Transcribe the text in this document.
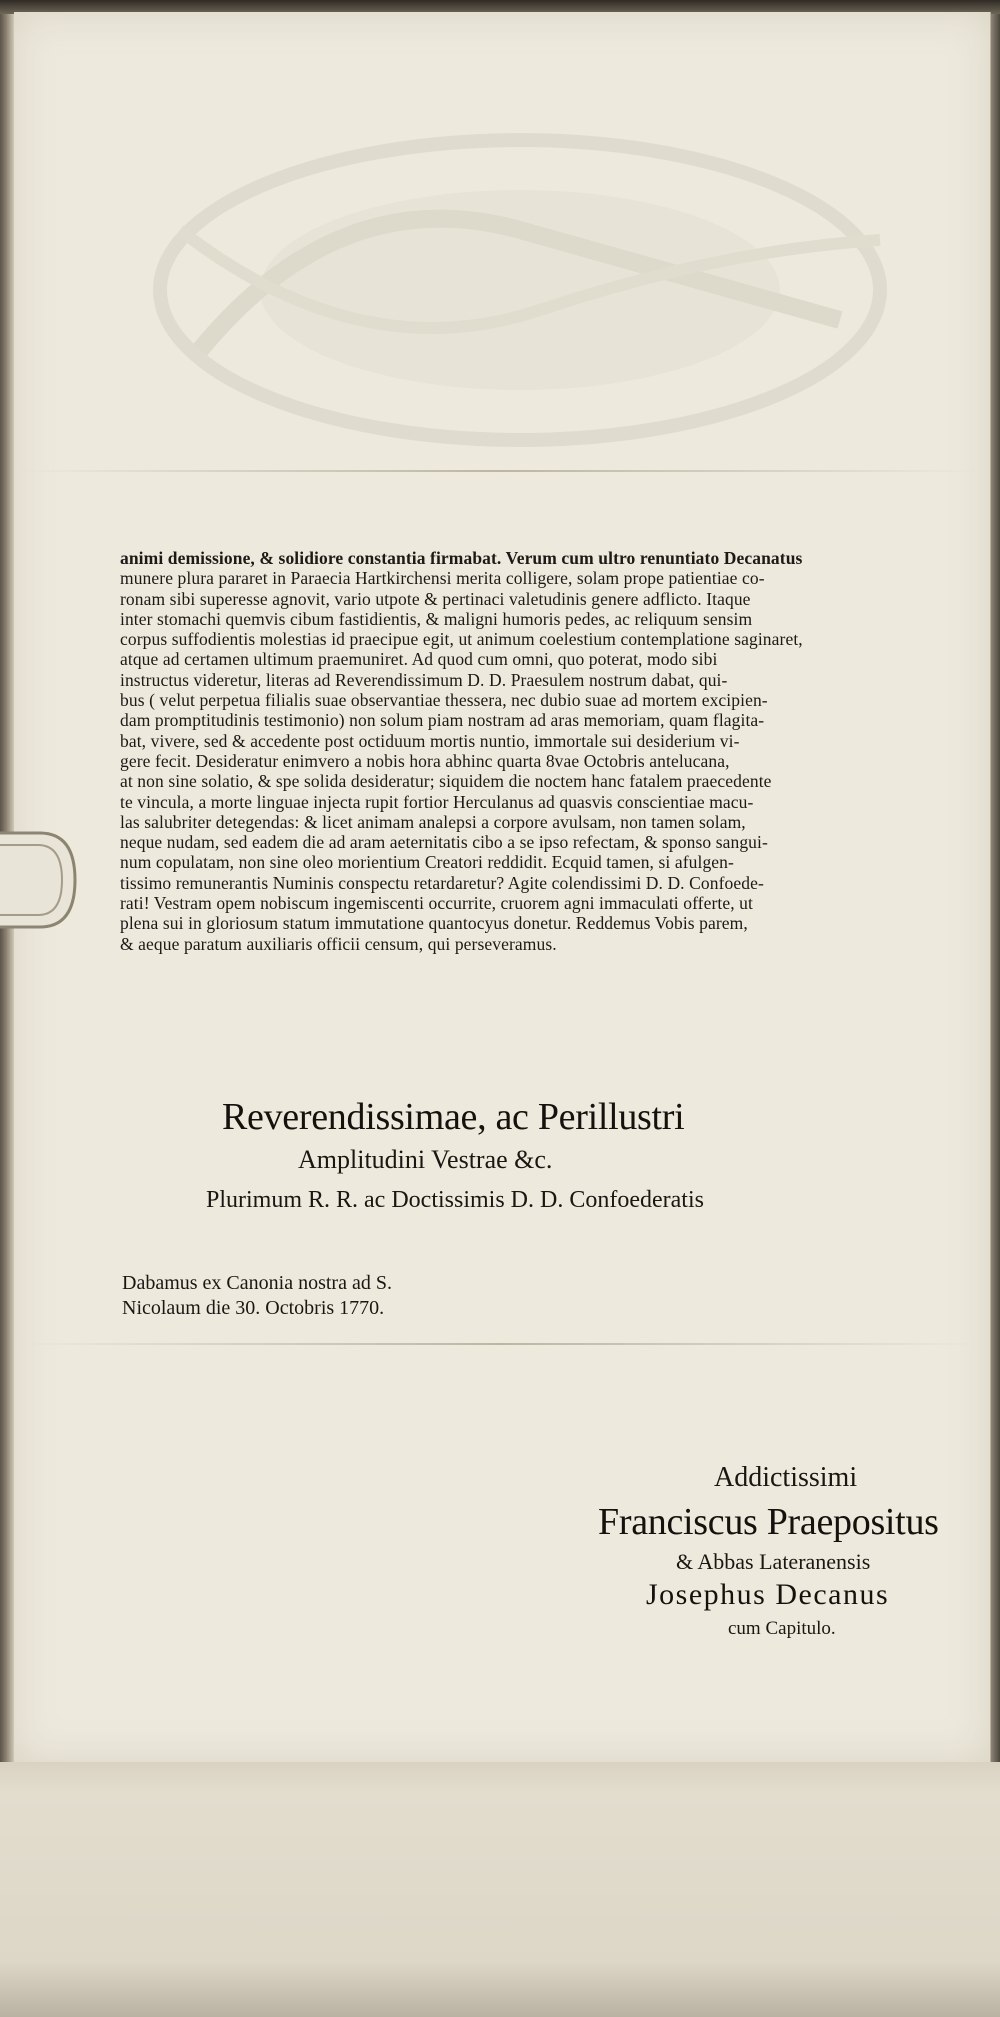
animi demissione, & solidiore constantia firmabat. Verum cum ultro renuntiato Decanatus
munere plura pararet in Paraecia Hartkirchensi merita colligere, solam prope patientiae co-
ronam sibi superesse agnovit, vario utpote & pertinaci valetudinis genere adflicto. Itaque
inter stomachi quemvis cibum fastidientis, & maligni humoris pedes, ac reliquum sensim
corpus suffodientis molestias id praecipue egit, ut animum coelestium contemplatione saginaret,
atque ad certamen ultimum praemuniret. Ad quod cum omni, quo poterat, modo sibi
instructus videretur, literas ad Reverendissimum D. D. Praesulem nostrum dabat, qui-
bus ( velut perpetua filialis suae observantiae thessera, nec dubio suae ad mortem excipien-
dam promptitudinis testimonio) non solum piam nostram ad aras memoriam, quam flagita-
bat, vivere, sed & accedente post octiduum mortis nuntio, immortale sui desiderium vi-
gere fecit. Desideratur enimvero a nobis hora abhinc quarta 8vae Octobris antelucana,
at non sine solatio, & spe solida desideratur; siquidem die noctem hanc fatalem praecedente
te vincula, a morte linguae injecta rupit fortior Herculanus ad quasvis conscientiae macu-
las salubriter detegendas: & licet animam analepsi a corpore avulsam, non tamen solam,
neque nudam, sed eadem die ad aram aeternitatis cibo a se ipso refectam, & sponso sangui-
num copulatam, non sine oleo morientium Creatori reddidit. Ecquid tamen, si afulgen-
tissimo remunerantis Numinis conspectu retardaretur? Agite colendissimi D. D. Confoede-
rati! Vestram opem nobiscum ingemiscenti occurrite, cruorem agni immaculati offerte, ut
plena sui in gloriosum statum immutatione quantocyus donetur. Reddemus Vobis parem,
& aeque paratum auxiliaris officii censum, qui perseveramus.
Reverendissimae, ac Perillustri
Amplitudini Vestrae &c.
Plurimum R. R. ac Doctissimis D. D. Confoederatis
Dabamus ex Canonia nostra ad S.
Nicolaum die 30. Octobris 1770.
Addictissimi
Franciscus Praepositus
& Abbas Lateranensis
Josephus Decanus
cum Capitulo.
